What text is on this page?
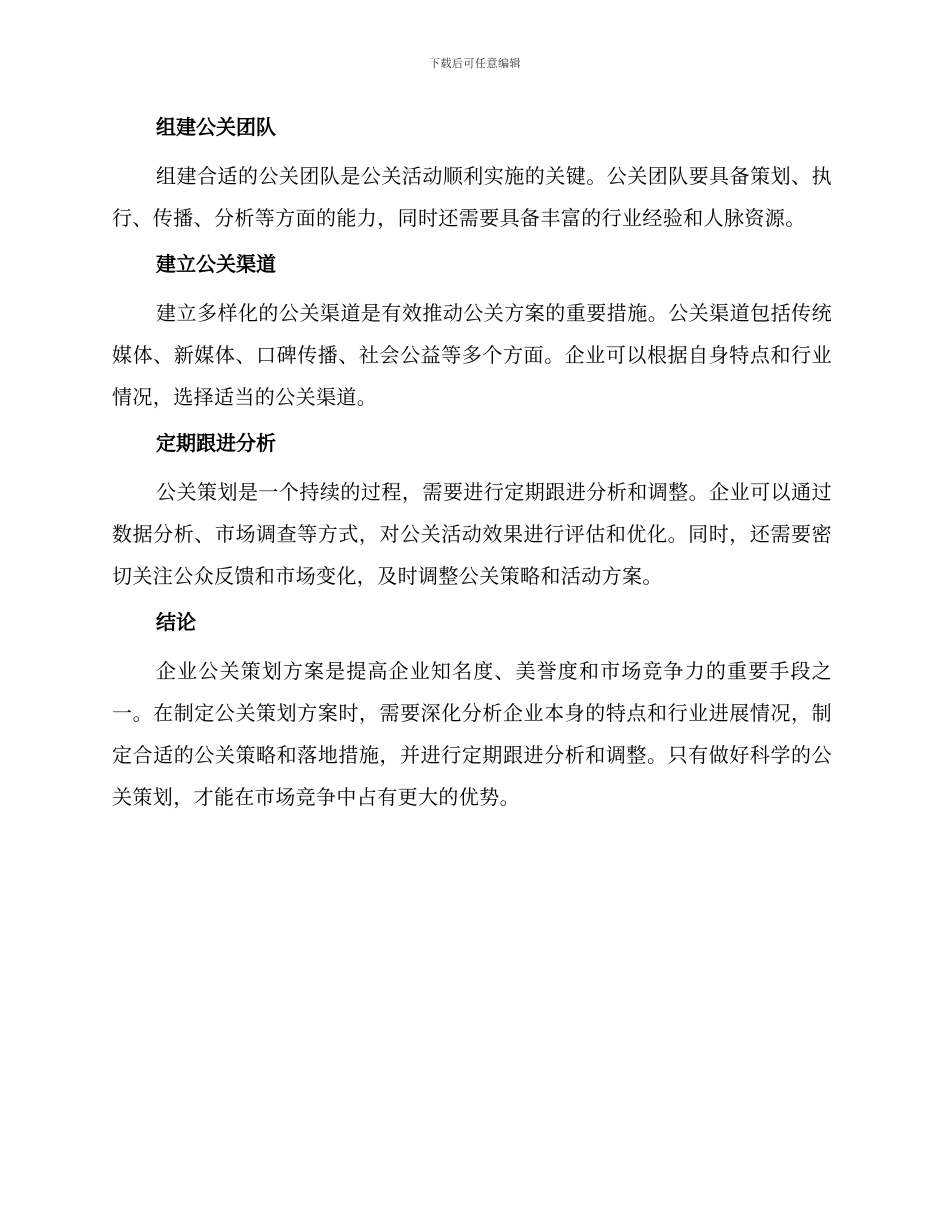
下载后可任意编辑
组建公关团队

组建合适的公关团队是公关活动顺利实施的关键。公关团队要具备策划、执行、传播、分析等方面的能力，同时还需要具备丰富的行业经验和人脉资源。

建立公关渠道

建立多样化的公关渠道是有效推动公关方案的重要措施。公关渠道包括传统媒体、新媒体、口碑传播、社会公益等多个方面。企业可以根据自身特点和行业情况，选择适当的公关渠道。

定期跟进分析

公关策划是一个持续的过程，需要进行定期跟进分析和调整。企业可以通过数据分析、市场调查等方式，对公关活动效果进行评估和优化。同时，还需要密切关注公众反馈和市场变化，及时调整公关策略和活动方案。

结论

企业公关策划方案是提高企业知名度、美誉度和市场竞争力的重要手段之一。在制定公关策划方案时，需要深化分析企业本身的特点和行业进展情况，制定合适的公关策略和落地措施，并进行定期跟进分析和调整。只有做好科学的公关策划，才能在市场竞争中占有更大的优势。
